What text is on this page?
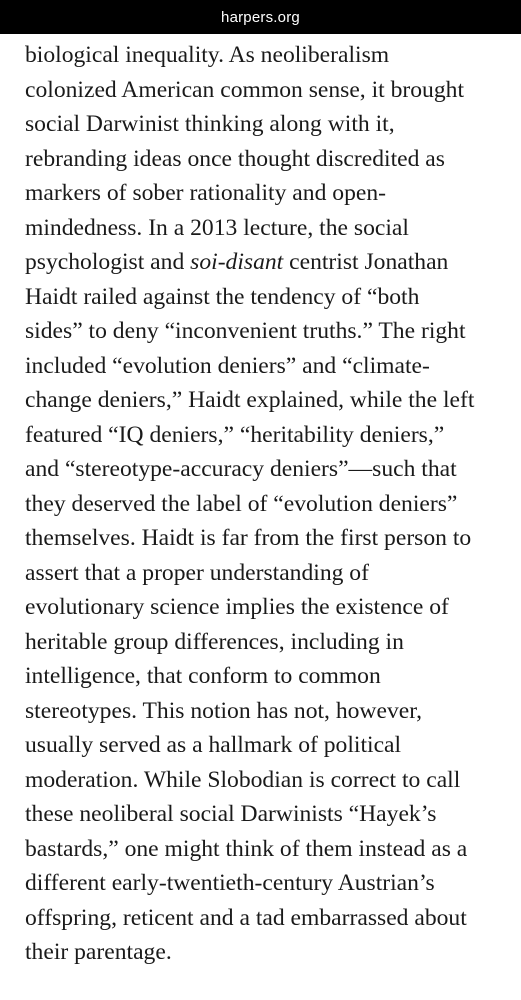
harpers.org
biological inequality. As neoliberalism
colonized American common sense, it brought
social Darwinist thinking along with it,
rebranding ideas once thought discredited as
markers of sober rationality and open-
mindedness. In a 2013 lecture, the social
psychologist and soi-disant centrist Jonathan
Haidt railed against the tendency of “both
sides” to deny “inconvenient truths.” The right
included “evolution deniers” and “climate-
change deniers,” Haidt explained, while the left
featured “IQ deniers,” “heritability deniers,”
and “stereotype-accuracy deniers”—such that
they deserved the label of “evolution deniers”
themselves. Haidt is far from the first person to
assert that a proper understanding of
evolutionary science implies the existence of
heritable group differences, including in
intelligence, that conform to common
stereotypes. This notion has not, however,
usually served as a hallmark of political
moderation. While Slobodian is correct to call
these neoliberal social Darwinists “Hayek’s
bastards,” one might think of them instead as a
different early-twentieth-century Austrian’s
offspring, reticent and a tad embarrassed about
their parentage.
